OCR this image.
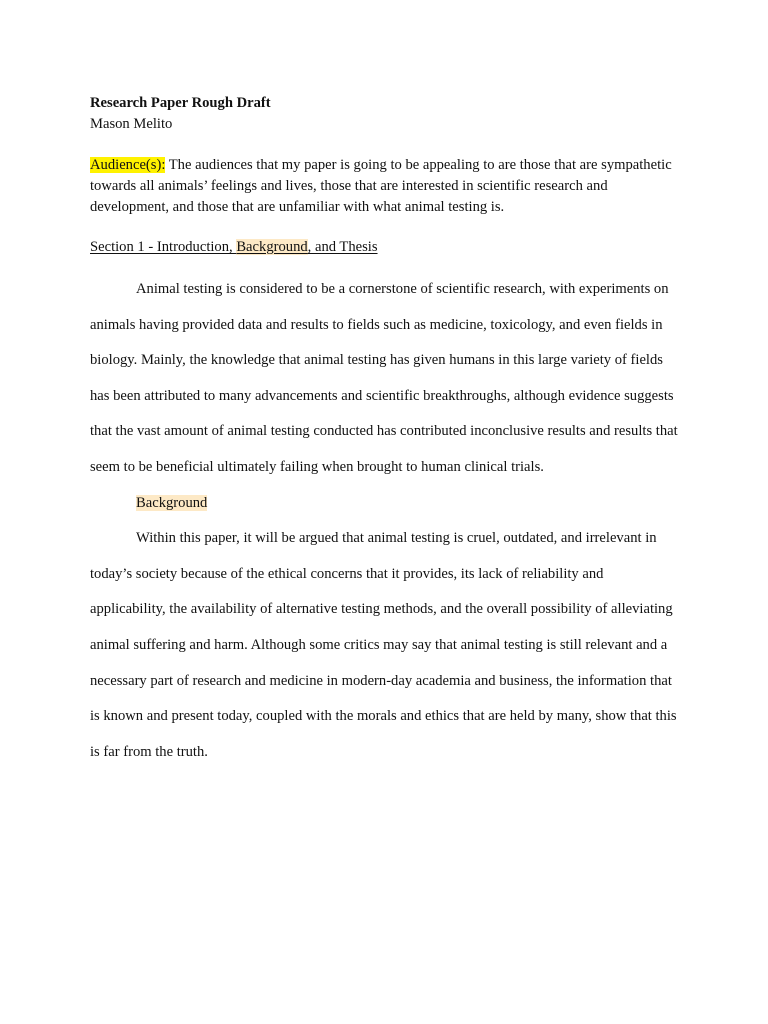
Research Paper Rough Draft
Mason Melito
Audience(s): The audiences that my paper is going to be appealing to are those that are sympathetic towards all animals’ feelings and lives, those that are interested in scientific research and development, and those that are unfamiliar with what animal testing is.
Section 1 - Introduction, Background, and Thesis
Animal testing is considered to be a cornerstone of scientific research, with experiments on animals having provided data and results to fields such as medicine, toxicology, and even fields in biology. Mainly, the knowledge that animal testing has given humans in this large variety of fields has been attributed to many advancements and scientific breakthroughs, although evidence suggests that the vast amount of animal testing conducted has contributed inconclusive results and results that seem to be beneficial ultimately failing when brought to human clinical trials.
Background
Within this paper, it will be argued that animal testing is cruel, outdated, and irrelevant in today’s society because of the ethical concerns that it provides, its lack of reliability and applicability, the availability of alternative testing methods, and the overall possibility of alleviating animal suffering and harm. Although some critics may say that animal testing is still relevant and a necessary part of research and medicine in modern-day academia and business, the information that is known and present today, coupled with the morals and ethics that are held by many, show that this is far from the truth.
